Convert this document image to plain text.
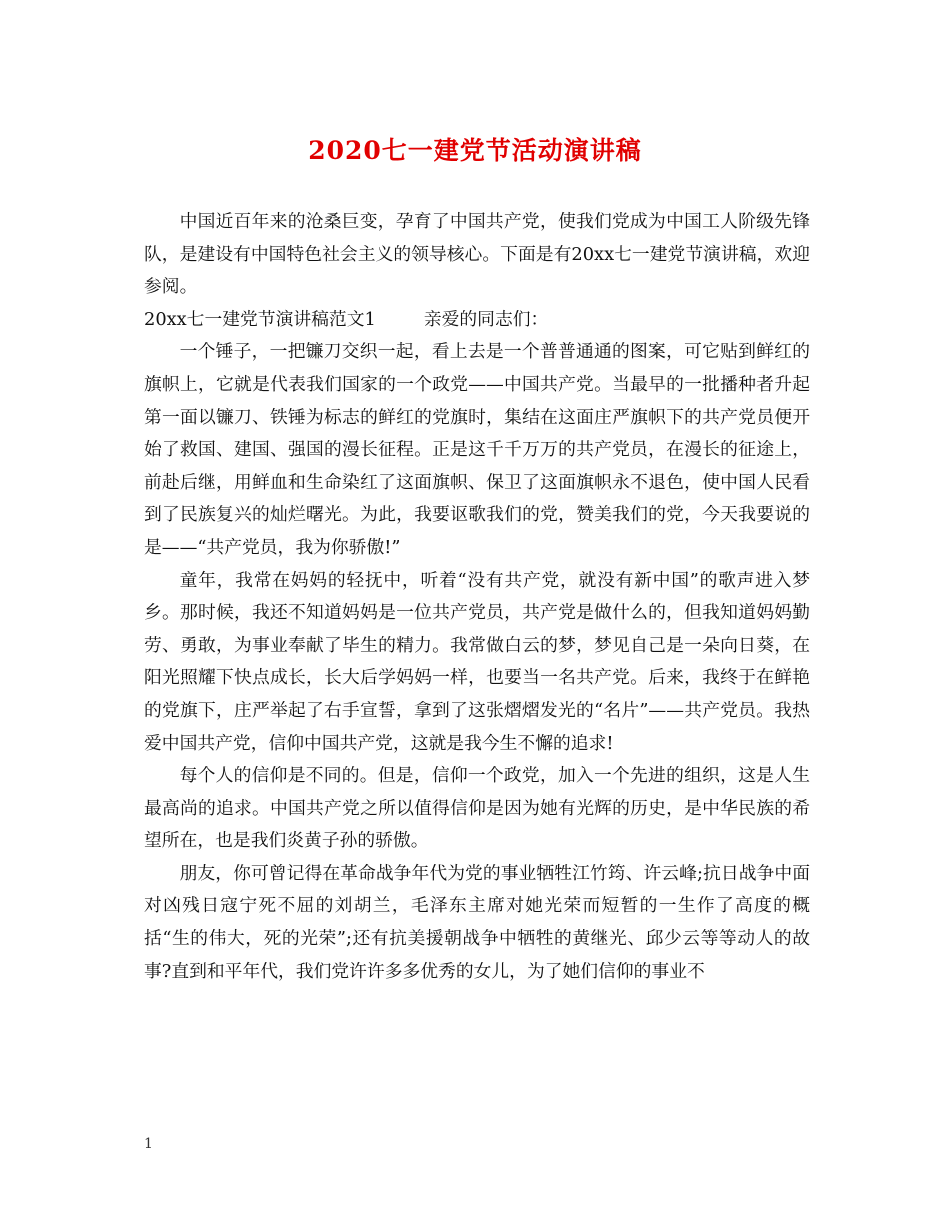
2020七一建党节活动演讲稿

中国近百年来的沧桑巨变，孕育了中国共产党，使我们党成为中国工人阶级先锋队，是建设有中国特色社会主义的领导核心。下面是有20xx七一建党节演讲稿，欢迎参阅。

20xx七一建党节演讲稿范文1	亲爱的同志们：

一个锤子，一把镰刀交织一起，看上去是一个普普通通的图案，可它贴到鲜红的旗帜上，它就是代表我们国家的一个政党——中国共产党。当最早的一批播种者升起第一面以镰刀、铁锤为标志的鲜红的党旗时，集结在这面庄严旗帜下的共产党员便开始了救国、建国、强国的漫长征程。正是这千千万万的共产党员，在漫长的征途上，前赴后继，用鲜血和生命染红了这面旗帜、保卫了这面旗帜永不退色，使中国人民看到了民族复兴的灿烂曙光。为此，我要讴歌我们的党，赞美我们的党，今天我要说的是——“共产党员，我为你骄傲!”

童年，我常在妈妈的轻抚中，听着“没有共产党，就没有新中国”的歌声进入梦乡。那时候，我还不知道妈妈是一位共产党员，共产党是做什么的，但我知道妈妈勤劳、勇敢，为事业奉献了毕生的精力。我常做白云的梦，梦见自己是一朵向日葵，在阳光照耀下快点成长，长大后学妈妈一样，也要当一名共产党。后来，我终于在鲜艳的党旗下，庄严举起了右手宣誓，拿到了这张熠熠发光的“名片”——共产党员。我热爱中国共产党，信仰中国共产党，这就是我今生不懈的追求!

每个人的信仰是不同的。但是，信仰一个政党，加入一个先进的组织，这是人生最高尚的追求。中国共产党之所以值得信仰是因为她有光辉的历史，是中华民族的希望所在，也是我们炎黄子孙的骄傲。

朋友，你可曾记得在革命战争年代为党的事业牺牲江竹筠、许云峰;抗日战争中面对凶残日寇宁死不屈的刘胡兰，毛泽东主席对她光荣而短暂的一生作了高度的概括“生的伟大，死的光荣”;还有抗美援朝战争中牺牲的黄继光、邱少云等等动人的故事?直到和平年代，我们党许许多多优秀的女儿，为了她们信仰的事业不

1
